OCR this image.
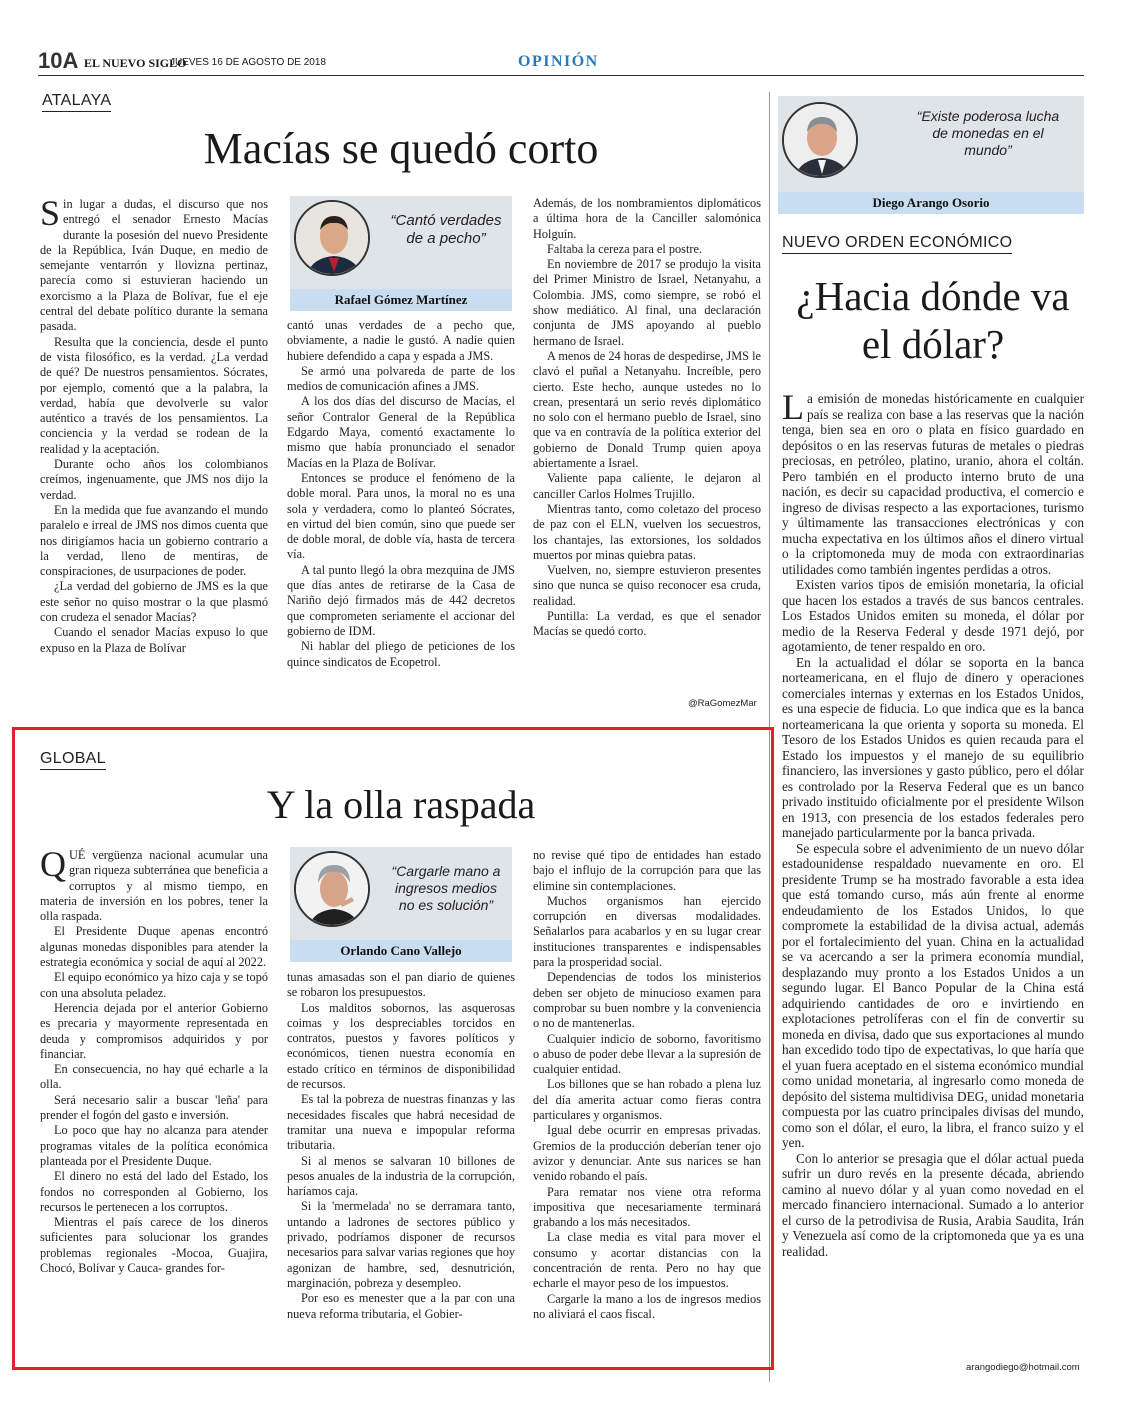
10A EL NUEVO SIGLO
JUEVES 16 DE AGOSTO DE 2018	OPINIÓN
ATALAYA
Macías se quedó corto

Sin lugar a dudas, el discurso que nos entregó el senador Ernesto Macías durante la posesión del nuevo Presidente de la República, Iván Duque, en medio de semejante ventarrón y llovizna pertinaz, parecía como si estuvieran haciendo un exorcismo a la Plaza de Bolívar, fue el eje central del debate político durante la semana pasada.

Resulta que la conciencia, desde el punto de vista filosófico, es la verdad. ¿La verdad de qué? De nuestros pensamientos. Sócrates, por ejemplo, comentó que a la palabra, la verdad, había que devolverle su valor auténtico a través de los pensamientos. La conciencia y la verdad se rodean de la realidad y la aceptación.

Durante ocho años los colombianos creímos, ingenuamente, que JMS nos dijo la verdad.

En la medida que fue avanzando el mundo paralelo e irreal de JMS nos dimos cuenta que nos dirigíamos hacia un gobierno contrario a la verdad, lleno de mentiras, de conspiraciones, de usurpaciones de poder.

¿La verdad del gobierno de JMS es la que este señor no quiso mostrar o la que plasmó con crudeza el senador Macías?

Cuando el senador Macías expuso lo que expuso en la Plaza de Bolívar

“Cantó verdades de a pecho”
Rafael Gómez Martínez

cantó unas verdades de a pecho que, obviamente, a nadie le gustó. A nadie quien hubiere defendido a capa y espada a JMS.

Se armó una polvareda de parte de los medios de comunicación afines a JMS.

A los dos días del discurso de Macías, el señor Contralor General de la República Edgardo Maya, comentó exactamente lo mismo que había pronunciado el senador Macías en la Plaza de Bolívar.

Entonces se produce el fenómeno de la doble moral. Para unos, la moral no es una sola y verdadera, como lo planteó Sócrates, en virtud del bien común, sino que puede ser de doble moral, de doble vía, hasta de tercera vía.

A tal punto llegó la obra mezquina de JMS que días antes de retirarse de la Casa de Nariño dejó firmados más de 442 decretos que comprometen seriamente el accionar del gobierno de IDM.

Ni hablar del pliego de peticiones de los quince sindicatos de Ecopetrol.

Además, de los nombramientos diplomáticos a última hora de la Canciller salomónica Holguín.

Faltaba la cereza para el postre.

En noviembre de 2017 se produjo la visita del Primer Ministro de Israel, Netanyahu, a Colombia. JMS, como siempre, se robó el show mediático. Al final, una declaración conjunta de JMS apoyando al pueblo hermano de Israel.

A menos de 24 horas de despedirse, JMS le clavó el puñal a Netanyahu. Increíble, pero cierto. Este hecho, aunque ustedes no lo crean, presentará un serio revés diplomático no solo con el hermano pueblo de Israel, sino que va en contravía de la política exterior del gobierno de Donald Trump quien apoya abiertamente a Israel.

Valiente papa caliente, le dejaron al canciller Carlos Holmes Trujillo.

Mientras tanto, como coletazo del proceso de paz con el ELN, vuelven los secuestros, los chantajes, las extorsiones, los soldados muertos por minas quiebra patas.

Vuelven, no, siempre estuvieron presentes sino que nunca se quiso reconocer esa cruda, realidad.

Puntilla: La verdad, es que el senador Macías se quedó corto.

@RaGomezMar
GLOBAL
Y la olla raspada

QUÉ vergüenza nacional acumular una gran riqueza subterránea que beneficia a corruptos y al mismo tiempo, en materia de inversión en los pobres, tener la olla raspada.

El Presidente Duque apenas encontró algunas monedas disponibles para atender la estrategia económica y social de aquí al 2022.

El equipo económico ya hizo caja y se topó con una absoluta peladez.

Herencia dejada por el anterior Gobierno es precaria y mayormente representada en deuda y compromisos adquiridos y por financiar.

En consecuencia, no hay qué echarle a la olla.

Será necesario salir a buscar 'leña' para prender el fogón del gasto e inversión.

Lo poco que hay no alcanza para atender programas vitales de la política económica planteada por el Presidente Duque.

El dinero no está del lado del Estado, los fondos no corresponden al Gobierno, los recursos le pertenecen a los corruptos.

Mientras el país carece de los dineros suficientes para solucionar los grandes problemas regionales -Mocoa, Guajira, Chocó, Bolívar y Cauca- grandes for-

“Cargarle mano a ingresos medios no es solución”
Orlando Cano Vallejo

tunas amasadas son el pan diario de quienes se robaron los presupuestos.

Los malditos sobornos, las asquerosas coimas y los despreciables torcidos en contratos, puestos y favores políticos y económicos, tienen nuestra economía en estado crítico en términos de disponibilidad de recursos.

Es tal la pobreza de nuestras finanzas y las necesidades fiscales que habrá necesidad de tramitar una nueva e impopular reforma tributaria.

Si al menos se salvaran 10 billones de pesos anuales de la industria de la corrupción, haríamos caja.

Si la 'mermelada' no se derramara tanto, untando a ladrones de sectores público y privado, podríamos disponer de recursos necesarios para salvar varias regiones que hoy agonizan de hambre, sed, desnutrición, marginación, pobreza y desempleo.

Por eso es menester que a la par con una nueva reforma tributaria, el Gobier-

no revise qué tipo de entidades han estado bajo el influjo de la corrupción para que las elimine sin contemplaciones.

Muchos organismos han ejercido corrupción en diversas modalidades. Señalarlos para acabarlos y en su lugar crear instituciones transparentes e indispensables para la prosperidad social.

Dependencias de todos los ministerios deben ser objeto de minucioso examen para comprobar su buen nombre y la conveniencia o no de mantenerlas.

Cualquier indicio de soborno, favoritismo o abuso de poder debe llevar a la supresión de cualquier entidad.

Los billones que se han robado a plena luz del día amerita actuar como fieras contra particulares y organismos.

Igual debe ocurrir en empresas privadas. Gremios de la producción deberían tener ojo avizor y denunciar. Ante sus narices se han venido robando el país.

Para rematar nos viene otra reforma impositiva que necesariamente terminará grabando a los más necesitados.

La clase media es vital para mover el consumo y acortar distancias con la concentración de renta. Pero no hay que echarle el mayor peso de los impuestos.

Cargarle la mano a los de ingresos medios no aliviará el caos fiscal.

“Existe poderosa lucha de monedas en el mundo”
Diego Arango Osorio
NUEVO ORDEN ECONÓMICO
¿Hacia dónde va
el dólar?

La emisión de monedas históricamente en cualquier país se realiza con base a las reservas que la nación tenga, bien sea en oro o plata en físico guardado en depósitos o en las reservas futuras de metales o piedras preciosas, en petróleo, platino, uranio, ahora el coltán. Pero también en el producto interno bruto de una nación, es decir su capacidad productiva, el comercio e ingreso de divisas respecto a las exportaciones, turismo y últimamente las transacciones electrónicas y con mucha expectativa en los últimos años el dinero virtual o la criptomoneda muy de moda con extraordinarias utilidades como también ingentes perdidas a otros.

Existen varios tipos de emisión monetaria, la oficial que hacen los estados a través de sus bancos centrales. Los Estados Unidos emiten su moneda, el dólar por medio de la Reserva Federal y desde 1971 dejó, por agotamiento, de tener respaldo en oro.

En la actualidad el dólar se soporta en la banca norteamericana, en el flujo de dinero y operaciones comerciales internas y externas en los Estados Unidos, es una especie de fiducia. Lo que indica que es la banca norteamericana la que orienta y soporta su moneda. El Tesoro de los Estados Unidos es quien recauda para el Estado los impuestos y el manejo de su equilibrio financiero, las inversiones y gasto público, pero el dólar es controlado por la Reserva Federal que es un banco privado instituido oficialmente por el presidente Wilson en 1913, con presencia de los estados federales pero manejado particularmente por la banca privada.

Se especula sobre el advenimiento de un nuevo dólar estadounidense respaldado nuevamente en oro. El presidente Trump se ha mostrado favorable a esta idea que está tomando curso, más aún frente al enorme endeudamiento de los Estados Unidos, lo que compromete la estabilidad de la divisa actual, además por el fortalecimiento del yuan. China en la actualidad se va acercando a ser la primera economía mundial, desplazando muy pronto a los Estados Unidos a un segundo lugar. El Banco Popular de la China está adquiriendo cantidades de oro e invirtiendo en explotaciones petrolíferas con el fin de convertir su moneda en divisa, dado que sus exportaciones al mundo han excedido todo tipo de expectativas, lo que haría que el yuan fuera aceptado en el sistema económico mundial como unidad monetaria, al ingresarlo como moneda de depósito del sistema multidivisa DEG, unidad monetaria compuesta por las cuatro principales divisas del mundo, como son el dólar, el euro, la libra, el franco suizo y el yen.

Con lo anterior se presagia que el dólar actual pueda sufrir un duro revés en la presente década, abriendo camino al nuevo dólar y al yuan como novedad en el mercado financiero internacional. Sumado a lo anterior el curso de la petrodivisa de Rusia, Arabia Saudita, Irán y Venezuela así como de la criptomoneda que ya es una realidad.

arangodiego@hotmail.com
